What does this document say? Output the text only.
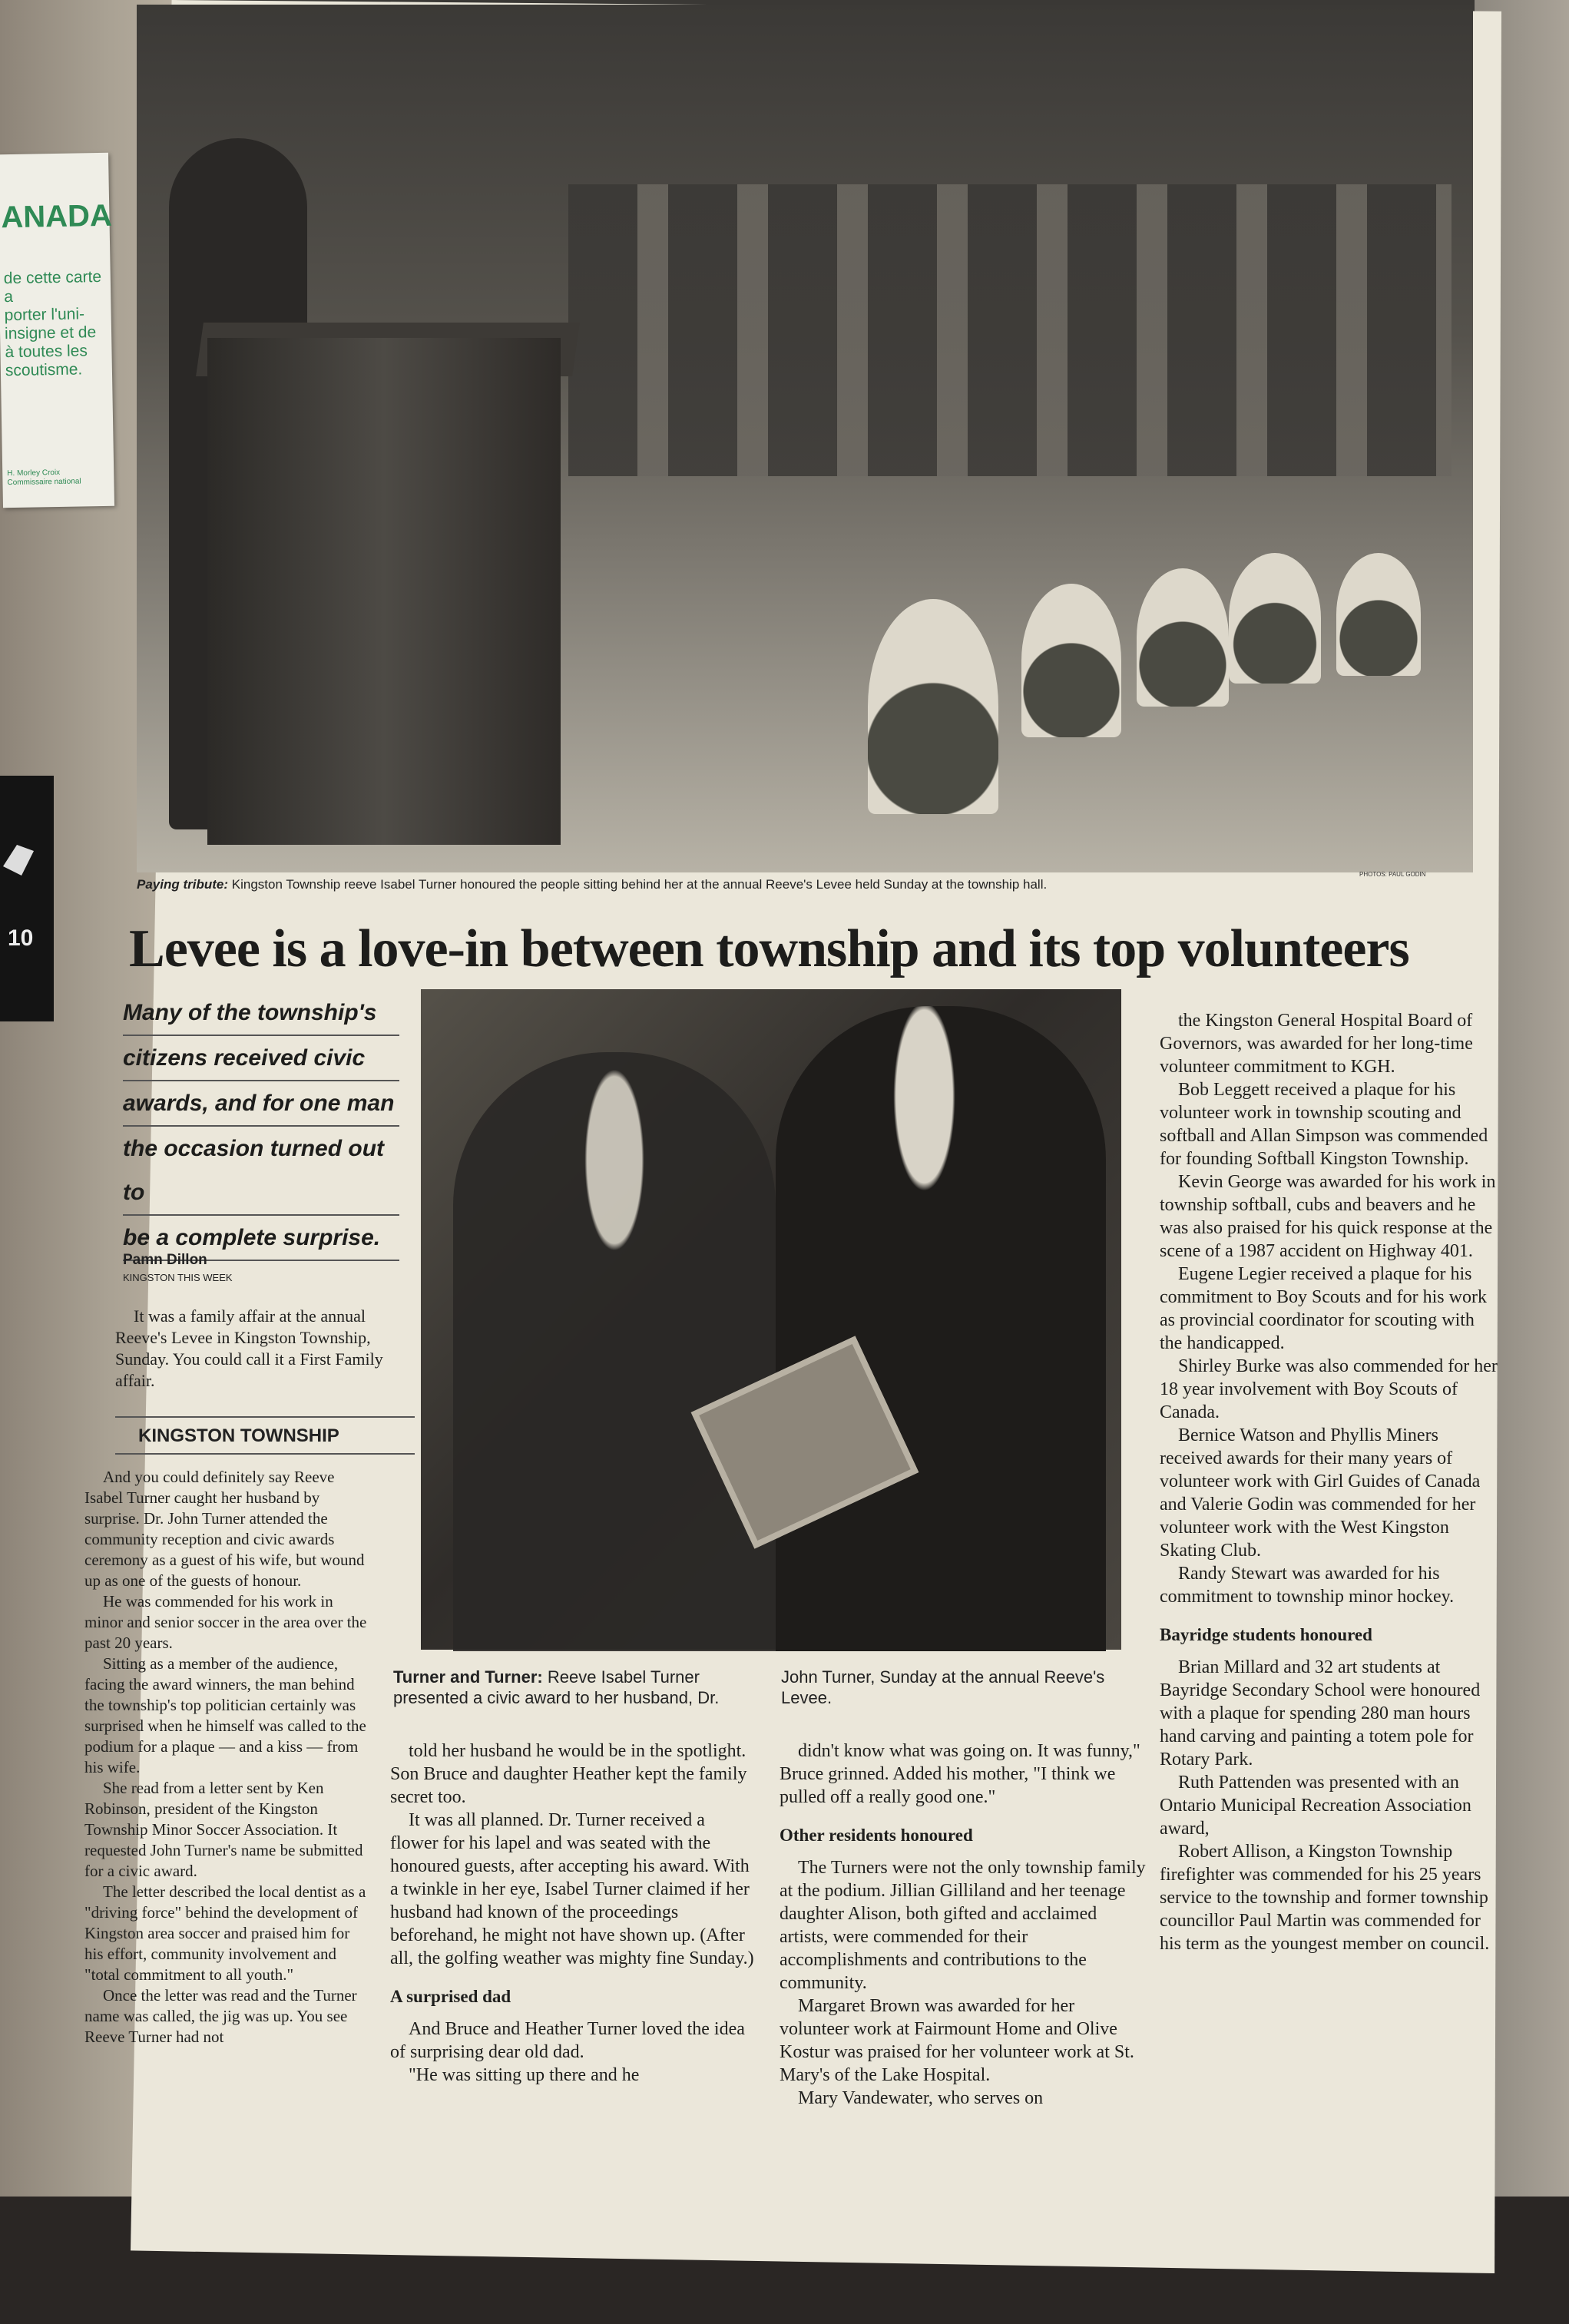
ANADA
de cette carte a
porter l'uni-
insigne et de
à toutes les
scoutisme.
H. Morley Croix
Commissaire national
10
Paying tribute: Kingston Township reeve Isabel Turner honoured the people sitting behind her at the annual Reeve's Levee held Sunday at the township hall.
PHOTOS: PAUL GODIN
Levee is a love-in between township and its top volunteers
Many of the township's
citizens received civic
awards, and for one man
the occasion turned out to
be a complete surprise.
Pamn Dillon
KINGSTON THIS WEEK

It was a family affair at the annual Reeve's Levee in Kingston Township, Sunday. You could call it a First Family affair.

KINGSTON TOWNSHIP
Turner and Turner: Reeve Isabel Turner presented a civic award to her husband, Dr. John Turner, Sunday at the annual Reeve's Levee.

And you could definitely say Reeve Isabel Turner caught her husband by surprise. Dr. John Turner attended the community reception and civic awards ceremony as a guest of his wife, but wound up as one of the guests of honour.

He was commended for his work in minor and senior soccer in the area over the past 20 years.

Sitting as a member of the audience, facing the award winners, the man behind the township's top politician certainly was surprised when he himself was called to the podium for a plaque — and a kiss — from his wife.

She read from a letter sent by Ken Robinson, president of the Kingston Township Minor Soccer Association. It requested John Turner's name be submitted for a civic award.

The letter described the local dentist as a "driving force" behind the development of Kingston area soccer and praised him for his effort, community involvement and "total commitment to all youth."

Once the letter was read and the Turner name was called, the jig was up. You see Reeve Turner had not

told her husband he would be in the spotlight. Son Bruce and daughter Heather kept the family secret too.

It was all planned. Dr. Turner received a flower for his lapel and was seated with the honoured guests, after accepting his award. With a twinkle in her eye, Isabel Turner claimed if her husband had known of the proceedings beforehand, he might not have shown up. (After all, the golfing weather was mighty fine Sunday.)

A surprised dad

And Bruce and Heather Turner loved the idea of surprising dear old dad.

"He was sitting up there and he

didn't know what was going on. It was funny," Bruce grinned. Added his mother, "I think we pulled off a really good one."

Other residents honoured

The Turners were not the only township family at the podium. Jillian Gilliland and her teenage daughter Alison, both gifted and acclaimed artists, were commended for their accomplishments and contributions to the community.

Margaret Brown was awarded for her volunteer work at Fairmount Home and Olive Kostur was praised for her volunteer work at St. Mary's of the Lake Hospital.

Mary Vandewater, who serves on

the Kingston General Hospital Board of Governors, was awarded for her long-time volunteer commitment to KGH.

Bob Leggett received a plaque for his volunteer work in township scouting and softball and Allan Simpson was commended for founding Softball Kingston Township.

Kevin George was awarded for his work in township softball, cubs and beavers and he was also praised for his quick response at the scene of a 1987 accident on Highway 401.

Eugene Legier received a plaque for his commitment to Boy Scouts and for his work as provincial coordinator for scouting with the handicapped.

Shirley Burke was also commended for her 18 year involvement with Boy Scouts of Canada.

Bernice Watson and Phyllis Miners received awards for their many years of volunteer work with Girl Guides of Canada and Valerie Godin was commended for her volunteer work with the West Kingston Skating Club.

Randy Stewart was awarded for his commitment to township minor hockey.

Bayridge students honoured

Brian Millard and 32 art students at Bayridge Secondary School were honoured with a plaque for spending 280 man hours hand carving and painting a totem pole for Rotary Park.

Ruth Pattenden was presented with an Ontario Municipal Recreation Association award,

Robert Allison, a Kingston Township firefighter was commended for his 25 years service to the township and former township councillor Paul Martin was commended for his term as the youngest member on council.
